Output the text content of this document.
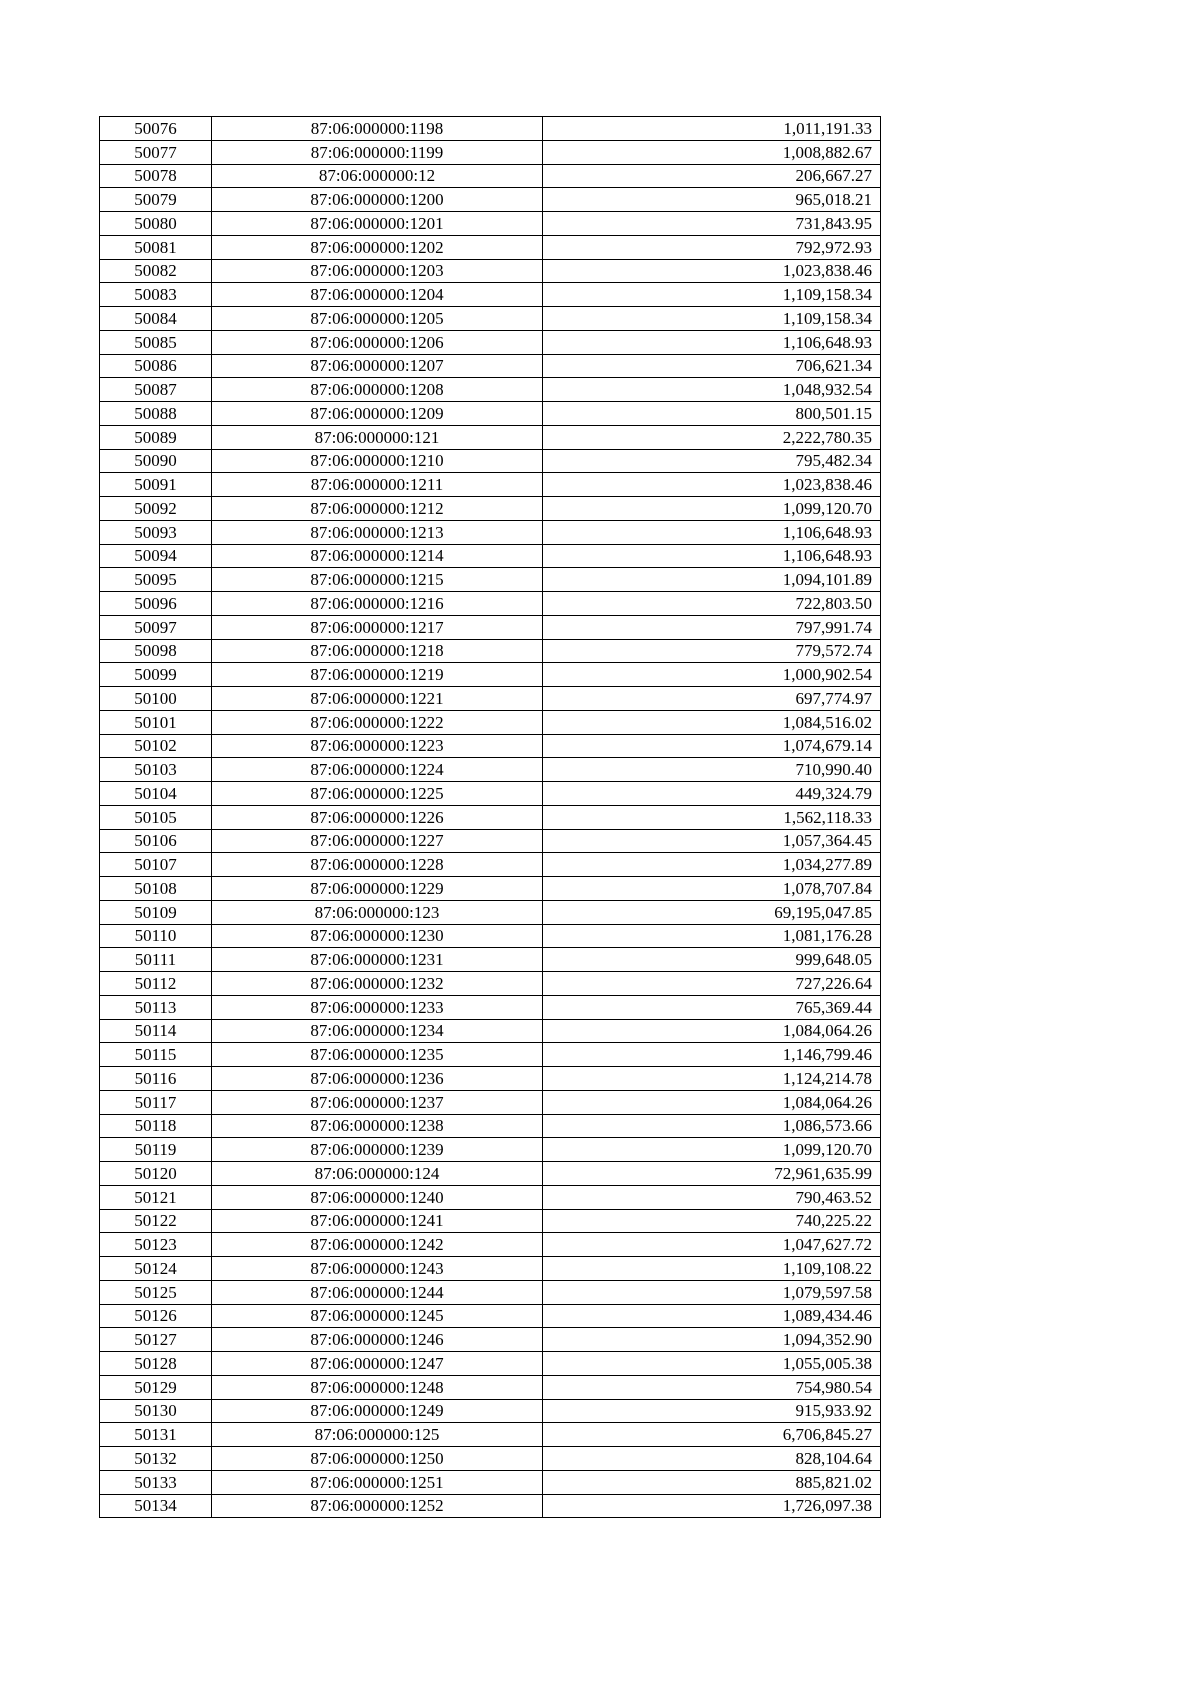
50076	87:06:000000:1198	1,011,191.33
50077	87:06:000000:1199	1,008,882.67
50078	87:06:000000:12	206,667.27
50079	87:06:000000:1200	965,018.21
50080	87:06:000000:1201	731,843.95
50081	87:06:000000:1202	792,972.93
50082	87:06:000000:1203	1,023,838.46
50083	87:06:000000:1204	1,109,158.34
50084	87:06:000000:1205	1,109,158.34
50085	87:06:000000:1206	1,106,648.93
50086	87:06:000000:1207	706,621.34
50087	87:06:000000:1208	1,048,932.54
50088	87:06:000000:1209	800,501.15
50089	87:06:000000:121	2,222,780.35
50090	87:06:000000:1210	795,482.34
50091	87:06:000000:1211	1,023,838.46
50092	87:06:000000:1212	1,099,120.70
50093	87:06:000000:1213	1,106,648.93
50094	87:06:000000:1214	1,106,648.93
50095	87:06:000000:1215	1,094,101.89
50096	87:06:000000:1216	722,803.50
50097	87:06:000000:1217	797,991.74
50098	87:06:000000:1218	779,572.74
50099	87:06:000000:1219	1,000,902.54
50100	87:06:000000:1221	697,774.97
50101	87:06:000000:1222	1,084,516.02
50102	87:06:000000:1223	1,074,679.14
50103	87:06:000000:1224	710,990.40
50104	87:06:000000:1225	449,324.79
50105	87:06:000000:1226	1,562,118.33
50106	87:06:000000:1227	1,057,364.45
50107	87:06:000000:1228	1,034,277.89
50108	87:06:000000:1229	1,078,707.84
50109	87:06:000000:123	69,195,047.85
50110	87:06:000000:1230	1,081,176.28
50111	87:06:000000:1231	999,648.05
50112	87:06:000000:1232	727,226.64
50113	87:06:000000:1233	765,369.44
50114	87:06:000000:1234	1,084,064.26
50115	87:06:000000:1235	1,146,799.46
50116	87:06:000000:1236	1,124,214.78
50117	87:06:000000:1237	1,084,064.26
50118	87:06:000000:1238	1,086,573.66
50119	87:06:000000:1239	1,099,120.70
50120	87:06:000000:124	72,961,635.99
50121	87:06:000000:1240	790,463.52
50122	87:06:000000:1241	740,225.22
50123	87:06:000000:1242	1,047,627.72
50124	87:06:000000:1243	1,109,108.22
50125	87:06:000000:1244	1,079,597.58
50126	87:06:000000:1245	1,089,434.46
50127	87:06:000000:1246	1,094,352.90
50128	87:06:000000:1247	1,055,005.38
50129	87:06:000000:1248	754,980.54
50130	87:06:000000:1249	915,933.92
50131	87:06:000000:125	6,706,845.27
50132	87:06:000000:1250	828,104.64
50133	87:06:000000:1251	885,821.02
50134	87:06:000000:1252	1,726,097.38
